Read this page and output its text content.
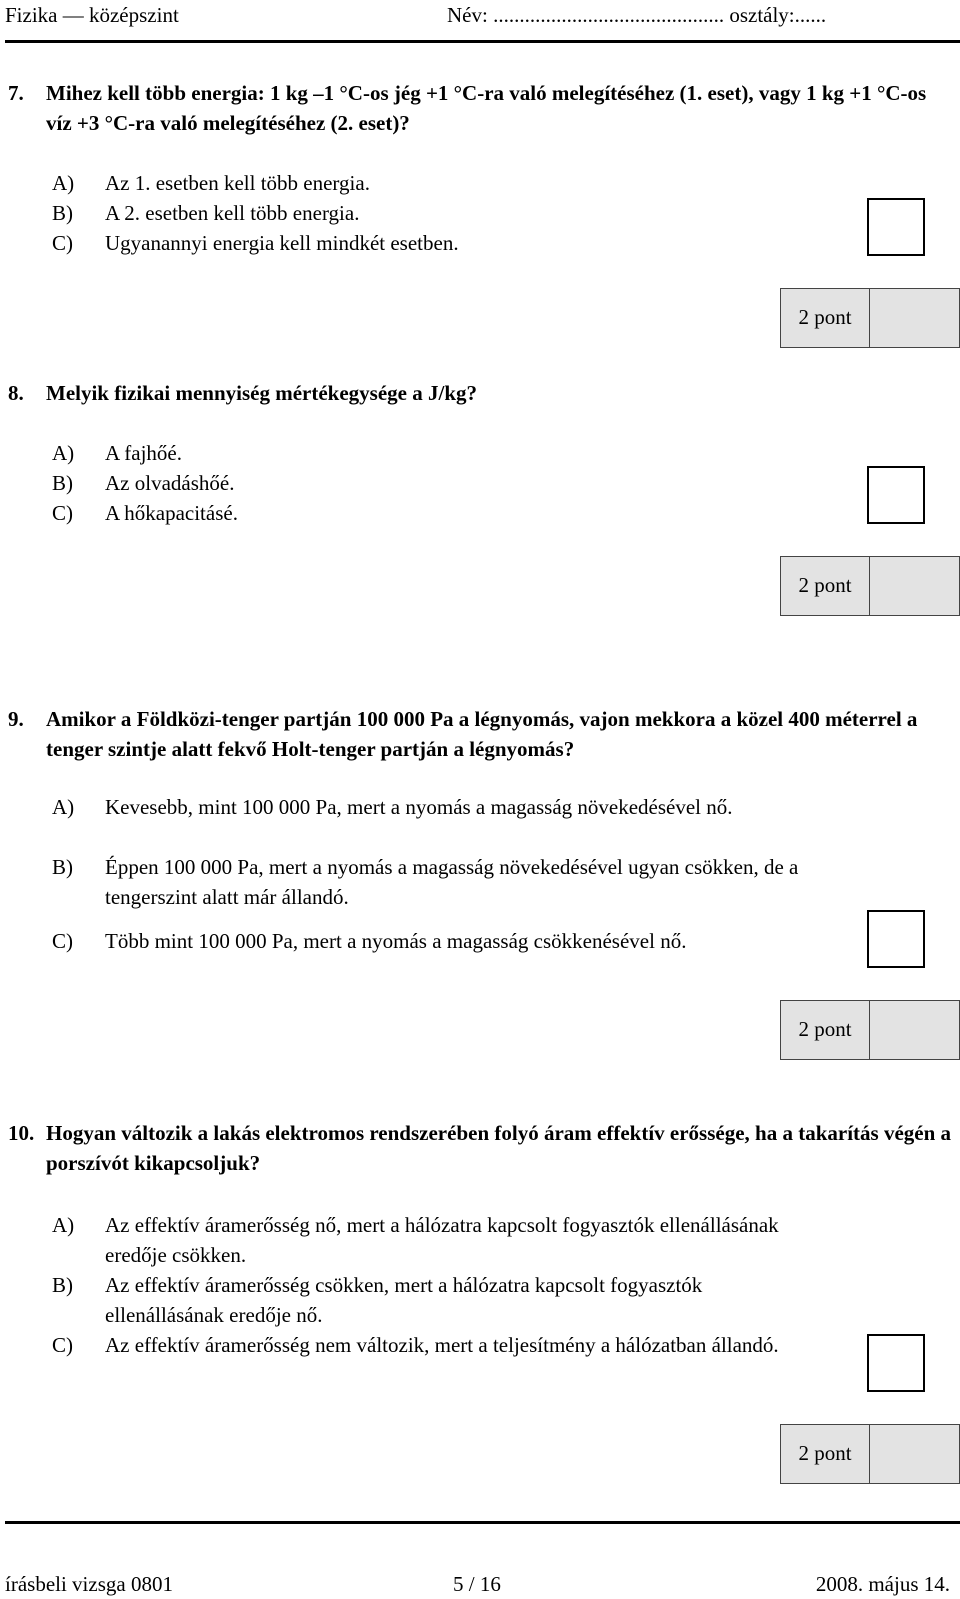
Fizika — középszint	Név: ............................................ osztály:......
7. Mihez kell több energia: 1 kg –1 °C-os jég +1 °C-ra való melegítéséhez (1. eset), vagy 1 kg +1 °C-os víz +3 °C-ra való melegítéséhez (2. eset)?
A) Az 1. esetben kell több energia.
B) A 2. esetben kell több energia.
C) Ugyanannyi energia kell mindkét esetben.
2 pont
8. Melyik fizikai mennyiség mértékegysége a J/kg?
A) A fajhőé.
B) Az olvadáshőé.
C) A hőkapacitásé.
2 pont
9. Amikor a Földközi-tenger partján 100 000 Pa a légnyomás, vajon mekkora a közel 400 méterrel a tenger szintje alatt fekvő Holt-tenger partján a légnyomás?
A) Kevesebb, mint 100 000 Pa, mert a nyomás a magasság növekedésével nő.
B) Éppen 100 000 Pa, mert a nyomás a magasság növekedésével ugyan csökken, de a tengerszint alatt már állandó.
C) Több mint 100 000 Pa, mert a nyomás a magasság csökkenésével nő.
2 pont
10. Hogyan változik a lakás elektromos rendszerében folyó áram effektív erőssége, ha a takarítás végén a porszívót kikapcsoljuk?
A) Az effektív áramerősség nő, mert a hálózatra kapcsolt fogyasztók ellenállásának eredője csökken.
B) Az effektív áramerősség csökken, mert a hálózatra kapcsolt fogyasztók ellenállásának eredője nő.
C) Az effektív áramerősség nem változik, mert a teljesítmény a hálózatban állandó.
2 pont
írásbeli vizsga 0801	5 / 16	2008. május 14.
